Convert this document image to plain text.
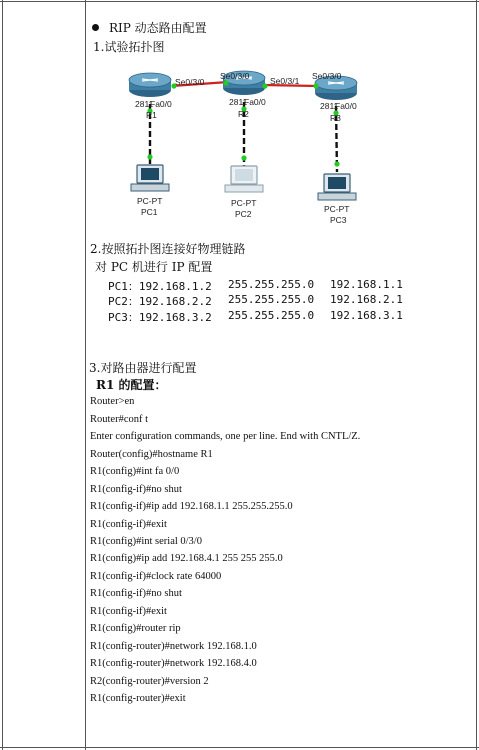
RIP 动态路由配置
1.试验拓扑图
Se0/3/0
Se0/3/0 Se0/3/1 Se0/3/0
2811
Fa0/0
R1
2811
Fa0/0
R2
2811
Fa0/0
R3
PC-PT
PC1
PC-PT
PC2	PC-PT
PC3
2.按照拓扑图连接好物理链路
对 PC 机进行 IP 配置
PC1：192.168.1.2 255.255.255.0 192.168.1.1
PC2：192.168.2.2 255.255.255.0 192.168.2.1
PC3：192.168.3.2 255.255.255.0 192.168.3.1
3.对路由器进行配置
R1 的配置：
Router>en
Router#conf t
Enter configuration commands, one per line. End with CNTL/Z.
Router(config)#hostname R1
R1(config)#int fa 0/0
R1(config-if)#no shut
R1(config-if)#ip add 192.168.1.1 255.255.255.0
R1(config-if)#exit
R1(config)#int serial 0/3/0
R1(config)#ip add 192.168.4.1 255 255 255.0
R1(config-if)#clock rate 64000
R1(config-if)#no shut
R1(config-if)#exit
R1(config)#router rip
R1(config-router)#network 192.168.1.0
R1(config-router)#network 192.168.4.0
R2(config-router)#version 2
R1(config-router)#exit
